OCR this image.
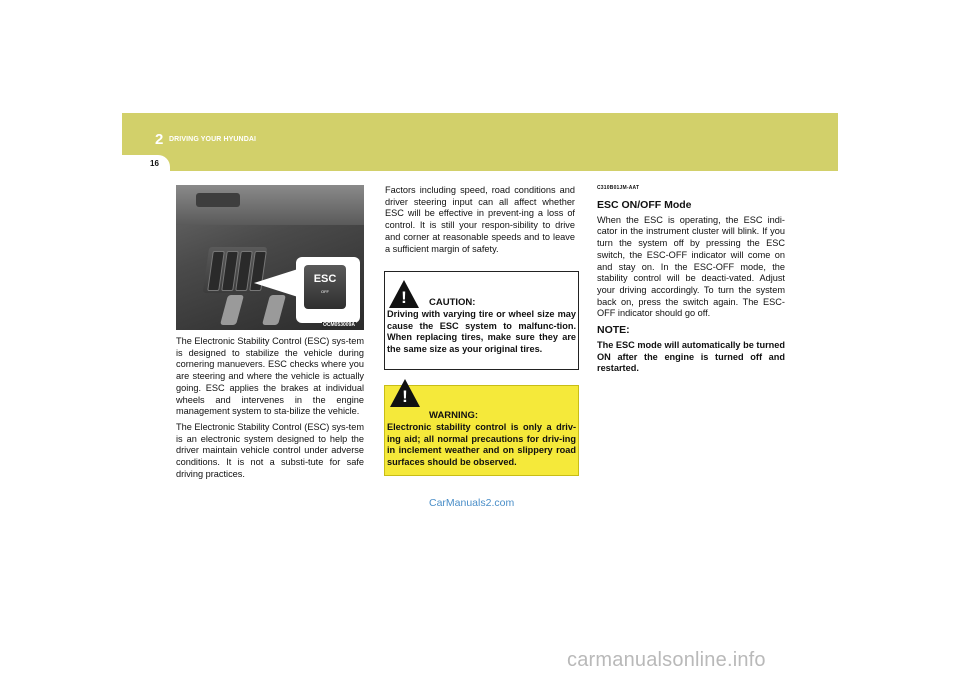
2 DRIVING YOUR HYUNDAI
16
ESC
OFF
OCM053009A

The Electronic Stability Control (ESC) sys-tem is designed to stabilize the vehicle during cornering manuevers. ESC checks where you are steering and where the vehicle is actually going. ESC applies the brakes at individual wheels and intervenes in the engine management system to sta-bilize the vehicle.

The Electronic Stability Control (ESC) sys-tem is an electronic system designed to help the driver maintain vehicle control under adverse conditions. It is not a substi-tute for safe driving practices.

Factors including speed, road conditions and driver steering input can all affect whether ESC will be effective in prevent-ing a loss of control. It is still your respon-sibility to drive and corner at reasonable speeds and to leave a sufficient margin of safety.

!	CAUTION:
Driving with varying tire or wheel size may cause the ESC system to malfunc-tion. When replacing tires, make sure they are the same size as your original tires.
!
WARNING:
Electronic stability control is only a driv-ing aid; all normal precautions for driv-ing in inclement weather and on slippery road surfaces should be observed.

C310B01JM-AAT

ESC ON/OFF Mode

When the ESC is operating, the ESC indi-cator in the instrument cluster will blink. If you turn the system off by pressing the ESC switch, the ESC-OFF indicator will come on and stay on. In the ESC-OFF mode, the stability control will be deacti-vated. Adjust your driving accordingly. To turn the system back on, press the switch again. The ESC-OFF indicator should go off.

NOTE:

The ESC mode will automatically be turned ON after the engine is turned off and restarted.

CarManuals2.com
carmanualsonline.info
